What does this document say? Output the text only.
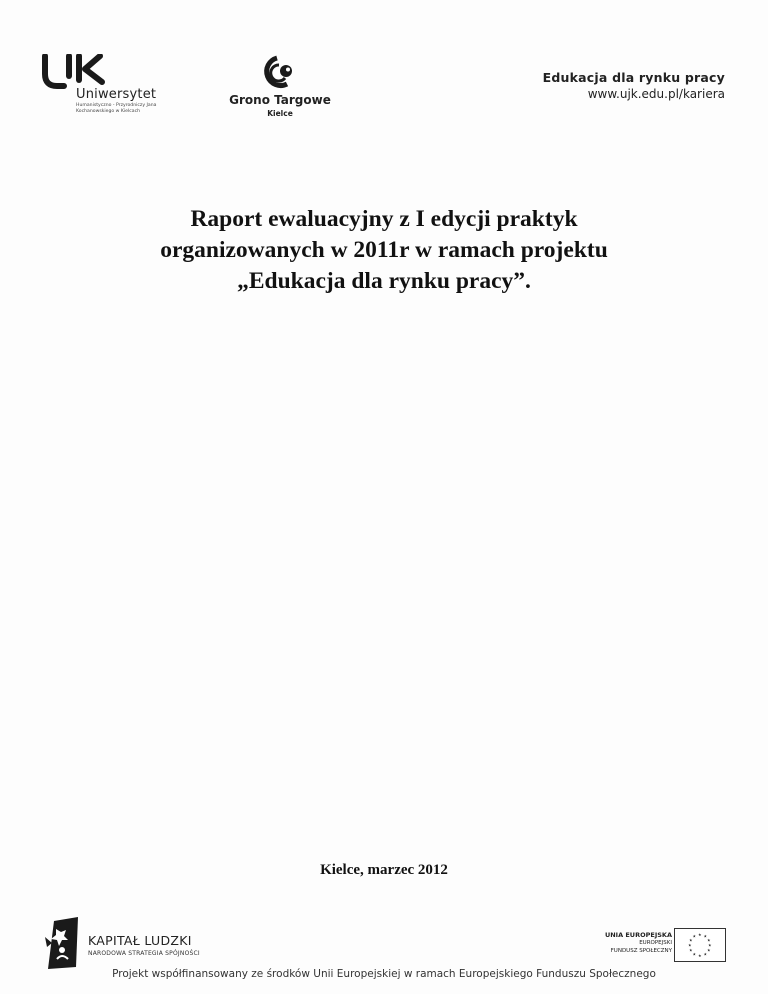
Uniwersytet
Humanistyczno - Przyrodniczy Jana Kochanowskiego w Kielcach
Grono Targowe
Kielce
Edukacja dla rynku pracy
www.ujk.edu.pl/kariera
Raport ewaluacyjny z I edycji praktyk
organizowanych w 2011r w ramach projektu
„Edukacja dla rynku pracy”.
Kielce, marzec 2012
KAPITAŁ LUDZKI
NARODOWA STRATEGIA SPÓJNOŚCI
UNIA EUROPEJSKA
EUROPEJSKI
FUNDUSZ SPOŁECZNY
★ ★
★
★
★
★
★
★
★
★
★
★
Projekt współfinansowany ze środków Unii Europejskiej w ramach Europejskiego Funduszu Społecznego
